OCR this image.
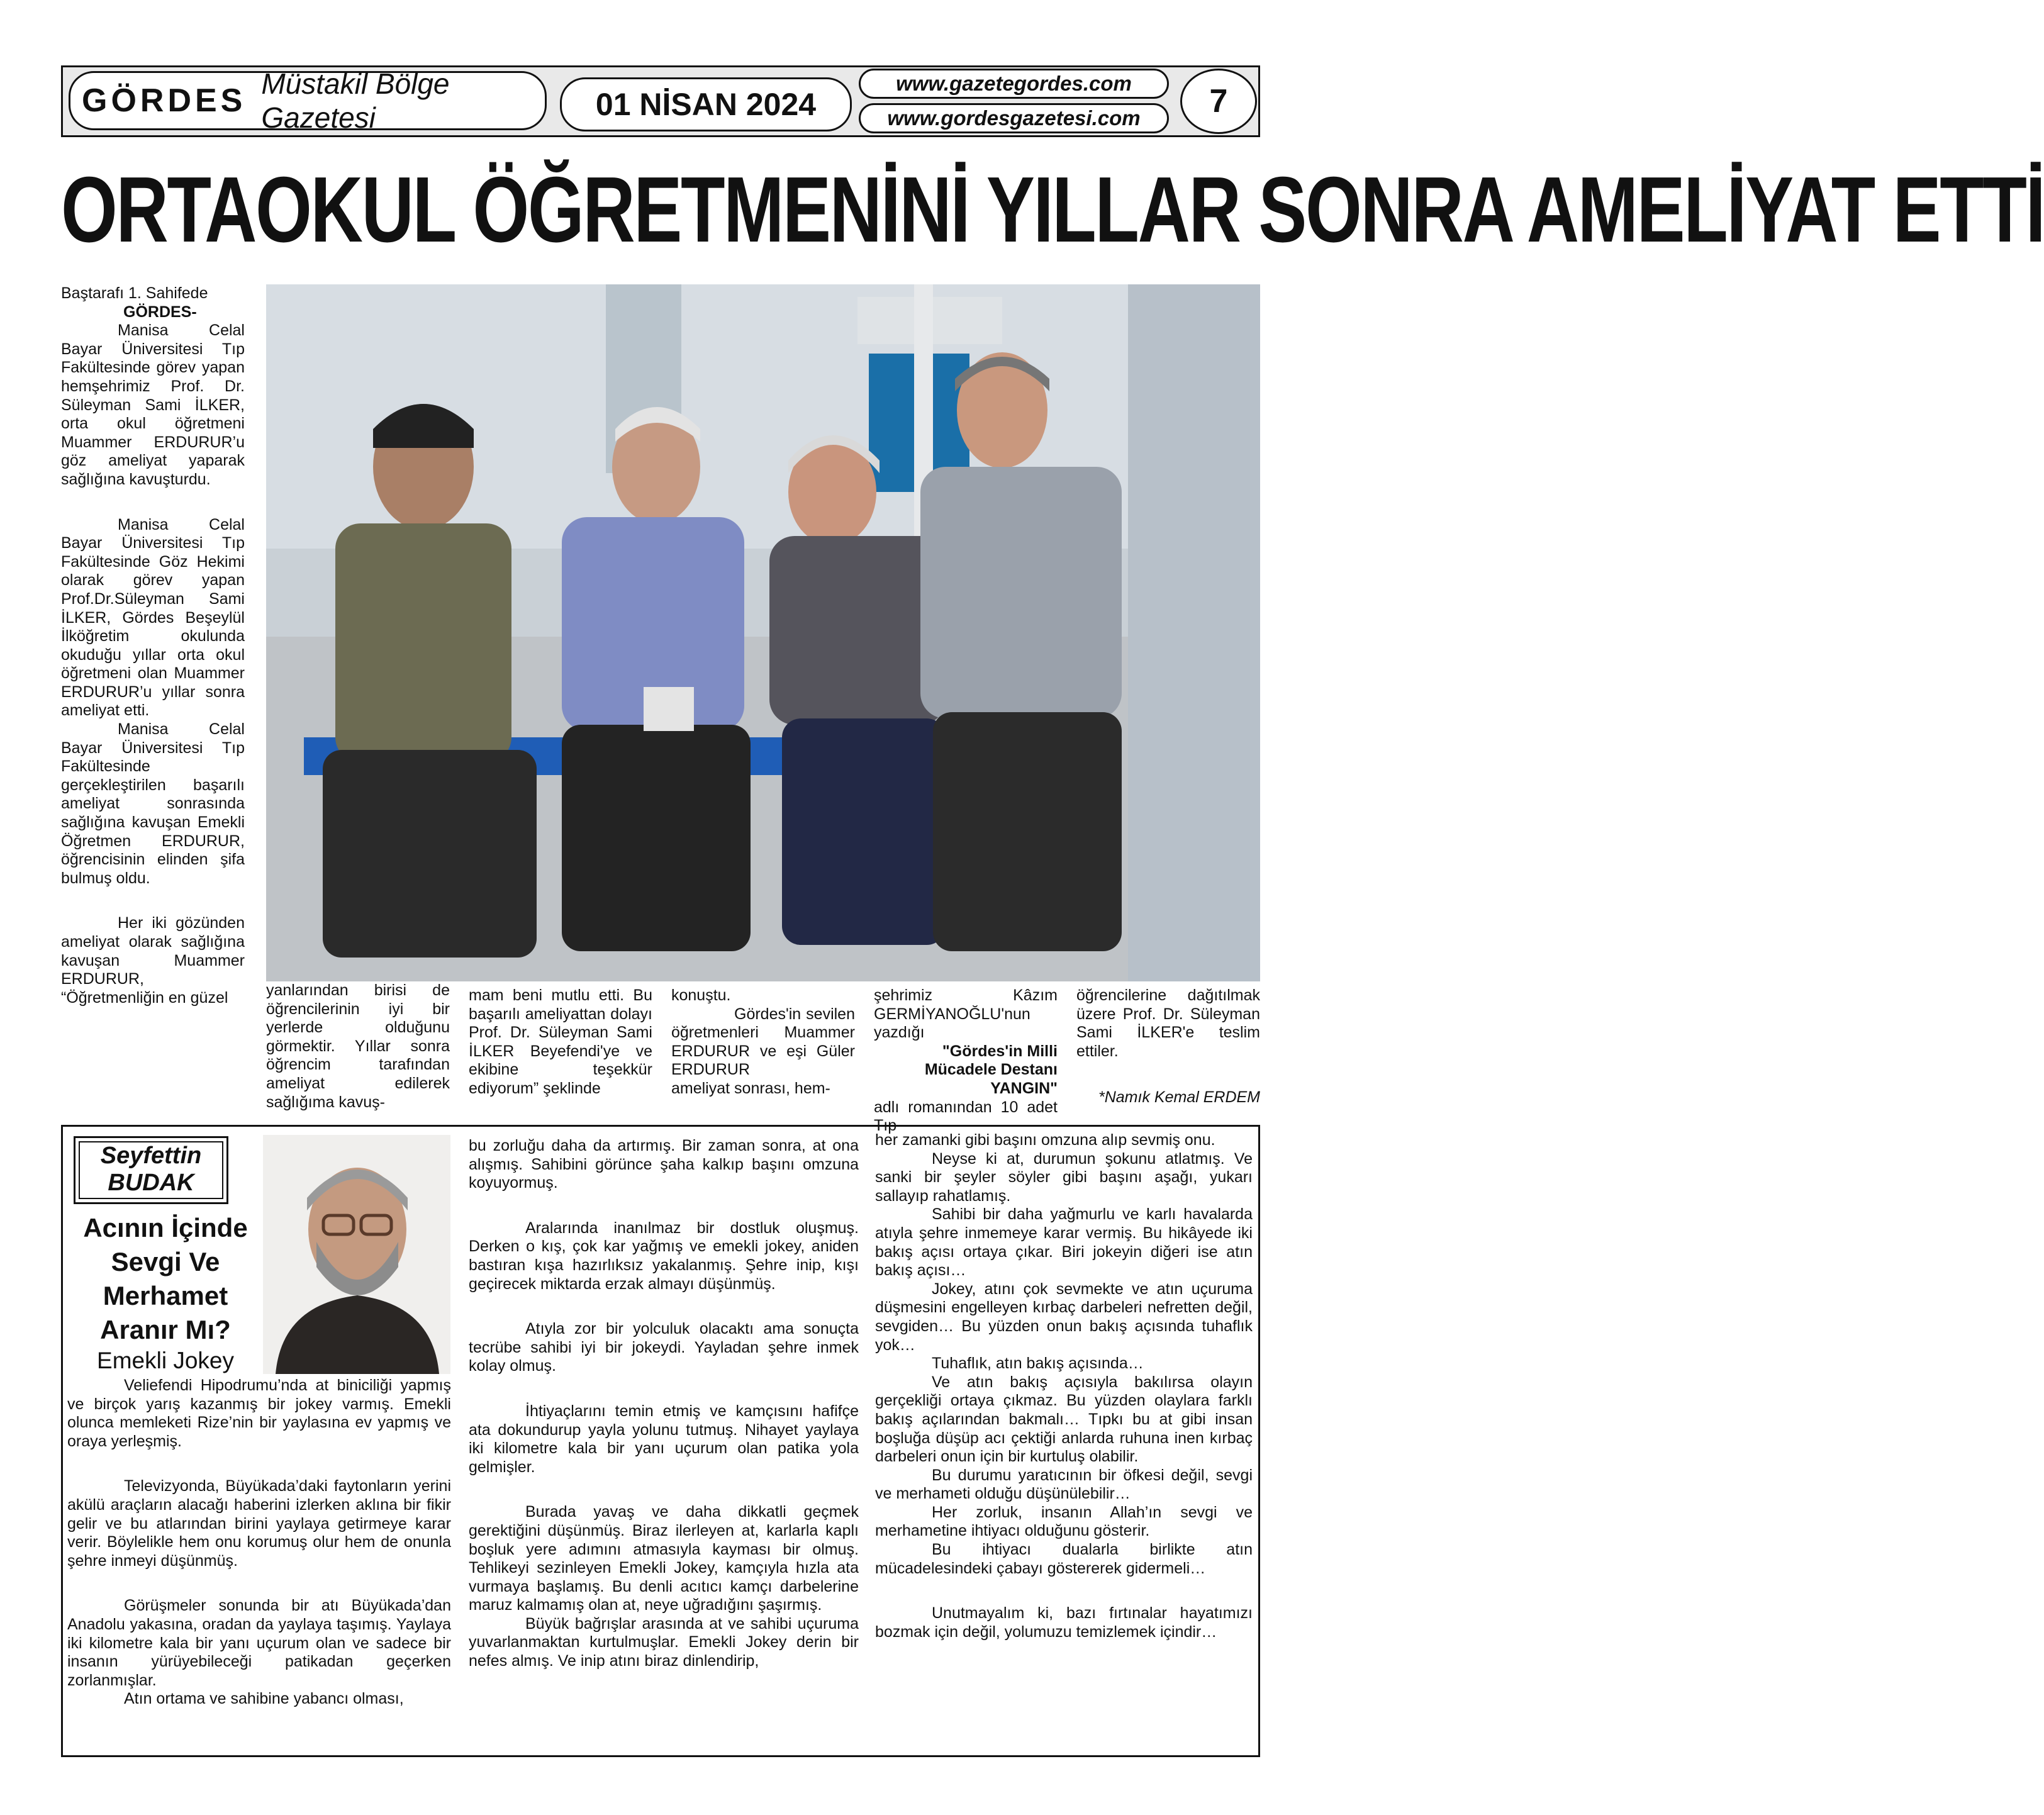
GÖRDES Müstakil Bölge Gazetesi	01 NİSAN 2024
www.gazetegordes.com
www.gordesgazetesi.com	7
ORTAOKUL ÖĞRETMENİNİ YILLAR SONRA AMELİYAT ETTİ

Baştarafı 1. Sahifede

GÖRDES-

Manisa Celal Bayar Üniversitesi Tıp Fakültesinde görev yapan hemşehrimiz Prof. Dr. Süleyman Sami İLKER, orta okul öğretmeni Muammer ERDURUR’u göz ameliyat yaparak sağlığına kavuşturdu.

Manisa Celal Bayar Üniversitesi Tıp Fakültesinde Göz Hekimi olarak görev yapan Prof.Dr.Süleyman Sami İLKER, Gördes Beşeylül İlköğretim okulunda okuduğu yıllar orta okul öğretmeni olan Muammer ERDURUR’u yıllar sonra ameliyat etti.

Manisa Celal Bayar Üniversitesi Tıp Fakültesinde gerçekleştirilen başarılı ameliyat sonrasında sağlığına kavuşan Emekli Öğretmen ERDURUR, öğrencisinin elinden şifa bulmuş oldu.

Her iki gözünden ameliyat olarak sağlığına kavuşan Muammer ERDURUR, “Öğretmenliğin en güzel	yanlarından birisi de öğrencilerinin iyi bir yerlerde olduğunu görmektir. Yıllar sonra öğrencim tarafından ameliyat edilerek sağlığıma kavuş-

mam beni mutlu etti. Bu başarılı ameliyattan dolayı Prof. Dr. Süleyman Sami İLKER Beyefendi'ye ve ekibine teşekkür ediyorum” şeklinde

konuştu.

Gördes'in sevilen öğretmenleri Muammer ERDURUR ve eşi Güler ERDURUR

ameliyat sonrası, hem-

şehrimiz Kâzım GERMİYANOĞLU'nun yazdığı

"Gördes'in Milli Mücadele Destanı YANGIN"

adlı romanından 10 adet Tıp

öğrencilerine dağıtılmak üzere Prof. Dr. Süleyman Sami İLKER'e teslim ettiler.

*Namık Kemal ERDEM
Seyfettin
BUDAK
Acının İçinde Sevgi Ve Merhamet Aranır Mı?
Emekli Jokey

Veliefendi Hipodrumu’nda at biniciliği yapmış ve birçok yarış kazanmış bir jokey varmış. Emekli olunca memleketi Rize’nin bir yaylasına ev yapmış ve oraya yerleşmiş.

Televizyonda, Büyükada’daki faytonların yerini akülü araçların alacağı haberini izlerken aklına bir fikir gelir ve bu atlarından birini yaylaya getirmeye karar verir. Böylelikle hem onu korumuş olur hem de onunla şehre inmeyi düşünmüş.

Görüşmeler sonunda bir atı Büyükada’dan Anadolu yakasına, oradan da yaylaya taşımış. Yaylaya iki kilometre kala bir yanı uçurum olan ve sadece bir insanın yürüyebileceği patikadan geçerken zorlanmışlar.

Atın ortama ve sahibine yabancı olması,

bu zorluğu daha da artırmış. Bir zaman sonra, at ona alışmış. Sahibini görünce şaha kalkıp başını omzuna koyuyormuş.

Aralarında inanılmaz bir dostluk oluşmuş. Derken o kış, çok kar yağmış ve emekli jokey, aniden bastıran kışa hazırlıksız yakalanmış. Şehre inip, kışı geçirecek miktarda erzak almayı düşünmüş.

Atıyla zor bir yolculuk olacaktı ama sonuçta tecrübe sahibi iyi bir jokeydi. Yayladan şehre inmek kolay olmuş.

İhtiyaçlarını temin etmiş ve kamçısını hafifçe ata dokundurup yayla yolunu tutmuş. Nihayet yaylaya iki kilometre kala bir yanı uçurum olan patika yola gelmişler.

Burada yavaş ve daha dikkatli geçmek gerektiğini düşünmüş. Biraz ilerleyen at, karlarla kaplı boşluk yere adımını atmasıyla kayması bir olmuş. Tehlikeyi sezinleyen Emekli Jokey, kamçıyla hızla ata vurmaya başlamış. Bu denli acıtıcı kamçı darbelerine maruz kalmamış olan at, neye uğradığını şaşırmış.

Büyük bağrışlar arasında at ve sahibi uçuruma yuvarlanmaktan kurtulmuşlar. Emekli Jokey derin bir nefes almış. Ve inip atını biraz dinlendirip,

her zamanki gibi başını omzuna alıp sevmiş onu.

Neyse ki at, durumun şokunu atlatmış. Ve sanki bir şeyler söyler gibi başını aşağı, yukarı sallayıp rahatlamış.

Sahibi bir daha yağmurlu ve karlı havalarda atıyla şehre inmemeye karar vermiş. Bu hikâyede iki bakış açısı ortaya çıkar. Biri jokeyin diğeri ise atın bakış açısı…

Jokey, atını çok sevmekte ve atın uçuruma düşmesini engelleyen kırbaç darbeleri nefretten değil, sevgiden… Bu yüzden onun bakış açısında tuhaflık yok…

Tuhaflık, atın bakış açısında…

Ve atın bakış açısıyla bakılırsa olayın gerçekliği ortaya çıkmaz. Bu yüzden olaylara farklı bakış açılarından bakmalı… Tıpkı bu at gibi insan boşluğa düşüp acı çektiği anlarda ruhuna inen kırbaç darbeleri onun için bir kurtuluş olabilir.

Bu durumu yaratıcının bir öfkesi değil, sevgi ve merhameti olduğu düşünülebilir…

Her zorluk, insanın Allah’ın sevgi ve merhametine ihtiyacı olduğunu gösterir.

Bu ihtiyacı dualarla birlikte atın mücadelesindeki çabayı göstererek gidermeli…

Unutmayalım ki, bazı fırtınalar hayatımızı bozmak için değil, yolumuzu temizlemek içindir…
